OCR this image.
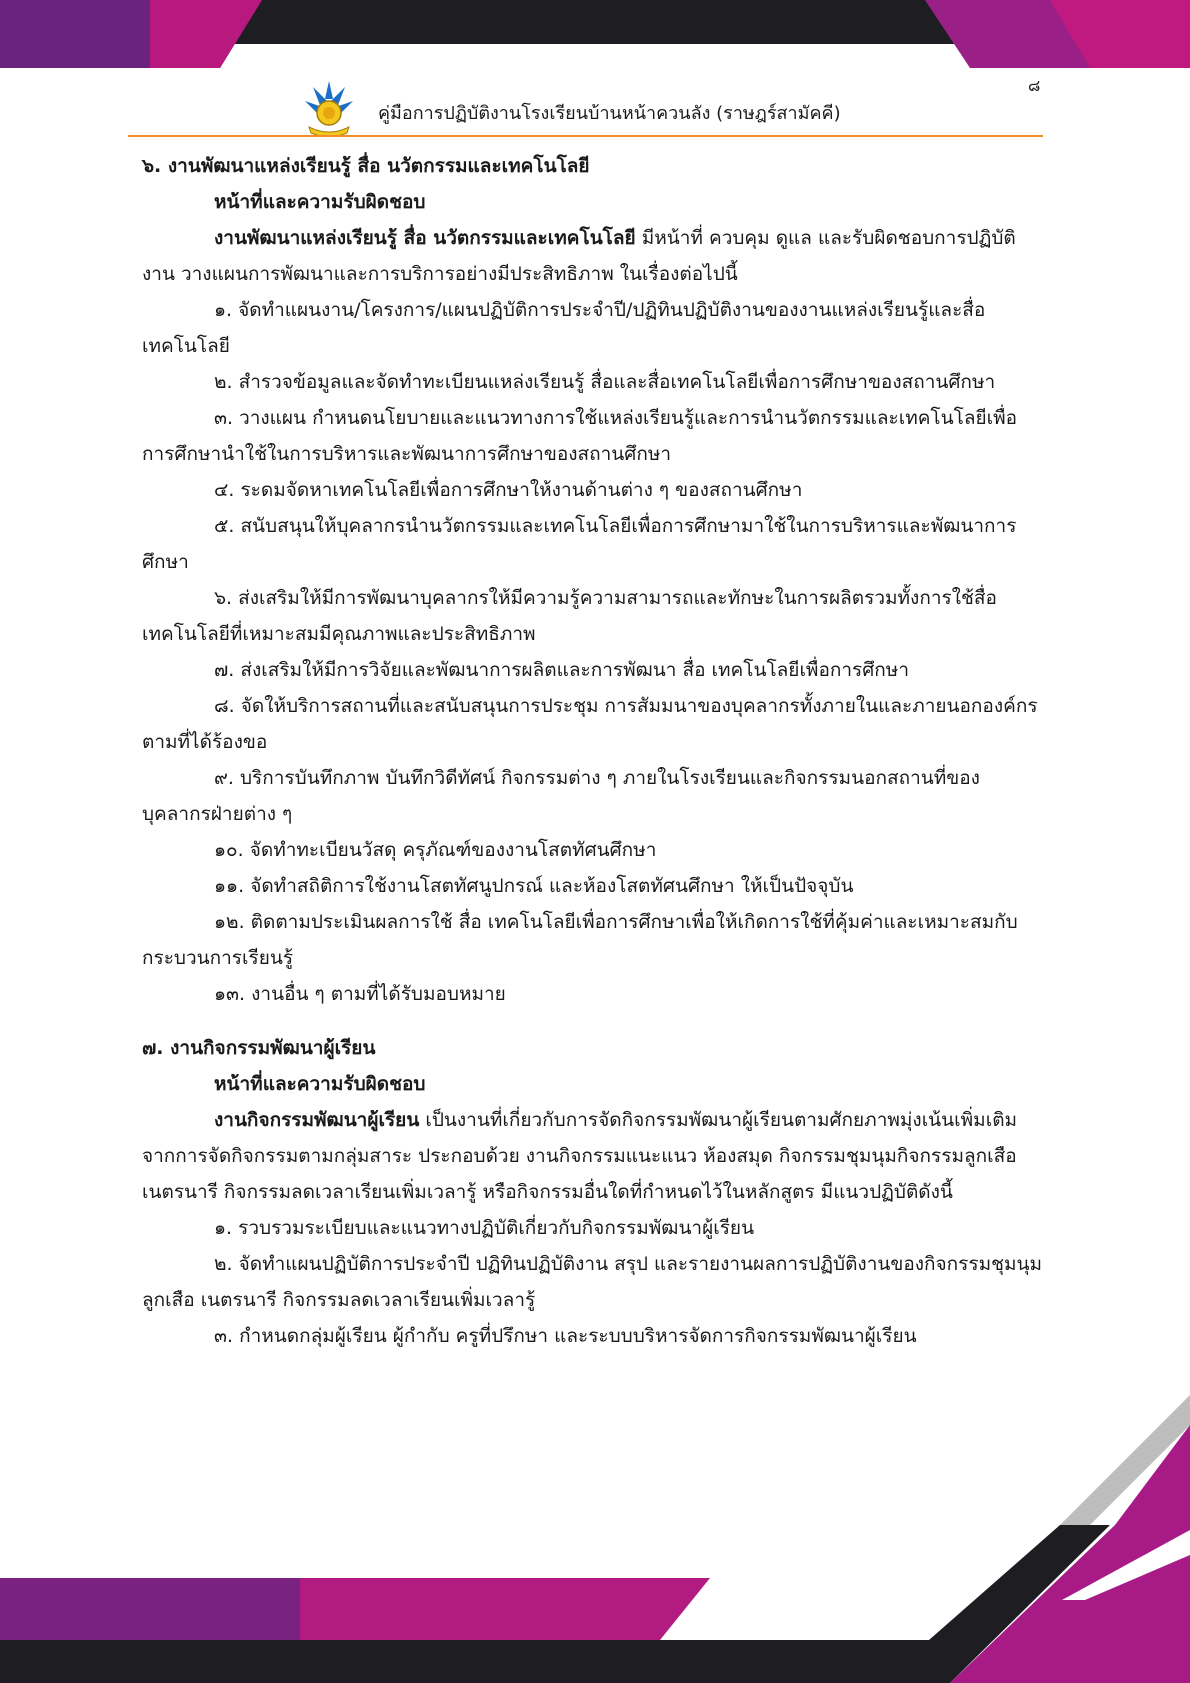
คู่มือการปฏิบัติงานโรงเรียนบ้านหน้าควนลัง (ราษฎร์สามัคคี)
๘

๖. งานพัฒนาแหล่งเรียนรู้ สื่อ นวัตกรรมและเทคโนโลยี

หน้าที่และความรับผิดชอบ

งานพัฒนาแหล่งเรียนรู้ สื่อ นวัตกรรมและเทคโนโลยี มีหน้าที่ ควบคุม ดูแล และรับผิดชอบการปฏิบัติงาน วางแผนการพัฒนาและการบริการอย่างมีประสิทธิภาพ ในเรื่องต่อไปนี้

๑. จัดทำแผนงาน/โครงการ/แผนปฏิบัติการประจำปี/ปฏิทินปฏิบัติงานของงานแหล่งเรียนรู้และสื่อเทคโนโลยี

๒. สำรวจข้อมูลและจัดทำทะเบียนแหล่งเรียนรู้ สื่อและสื่อเทคโนโลยีเพื่อการศึกษาของสถานศึกษา

๓. วางแผน กำหนดนโยบายและแนวทางการใช้แหล่งเรียนรู้และการนำนวัตกรรมและเทคโนโลยีเพื่อการศึกษานำใช้ในการบริหารและพัฒนาการศึกษาของสถานศึกษา

๔. ระดมจัดหาเทคโนโลยีเพื่อการศึกษาให้งานด้านต่าง ๆ ของสถานศึกษา

๕. สนับสนุนให้บุคลากรนำนวัตกรรมและเทคโนโลยีเพื่อการศึกษามาใช้ในการบริหารและพัฒนาการศึกษา

๖. ส่งเสริมให้มีการพัฒนาบุคลากรให้มีความรู้ความสามารถและทักษะในการผลิตรวมทั้งการใช้สื่อเทคโนโลยีที่เหมาะสมมีคุณภาพและประสิทธิภาพ

๗. ส่งเสริมให้มีการวิจัยและพัฒนาการผลิตและการพัฒนา สื่อ เทคโนโลยีเพื่อการศึกษา

๘. จัดให้บริการสถานที่และสนับสนุนการประชุม การสัมมนาของบุคลากรทั้งภายในและภายนอกองค์กรตามที่ได้ร้องขอ

๙. บริการบันทึกภาพ บันทึกวิดีทัศน์ กิจกรรมต่าง ๆ ภายในโรงเรียนและกิจกรรมนอกสถานที่ของบุคลากรฝ่ายต่าง ๆ

๑๐. จัดทำทะเบียนวัสดุ ครุภัณฑ์ของงานโสตทัศนศึกษา

๑๑. จัดทำสถิติการใช้งานโสตทัศนูปกรณ์ และห้องโสตทัศนศึกษา ให้เป็นปัจจุบัน

๑๒. ติดตามประเมินผลการใช้ สื่อ เทคโนโลยีเพื่อการศึกษาเพื่อให้เกิดการใช้ที่คุ้มค่าและเหมาะสมกับกระบวนการเรียนรู้

๑๓. งานอื่น ๆ ตามที่ได้รับมอบหมาย

๗. งานกิจกรรมพัฒนาผู้เรียน

หน้าที่และความรับผิดชอบ

งานกิจกรรมพัฒนาผู้เรียน เป็นงานที่เกี่ยวกับการจัดกิจกรรมพัฒนาผู้เรียนตามศักยภาพมุ่งเน้นเพิ่มเติมจากการจัดกิจกรรมตามกลุ่มสาระ ประกอบด้วย งานกิจกรรมแนะแนว ห้องสมุด กิจกรรมชุมนุมกิจกรรมลูกเสือ เนตรนารี กิจกรรมลดเวลาเรียนเพิ่มเวลารู้ หรือกิจกรรมอื่นใดที่กำหนดไว้ในหลักสูตร มีแนวปฏิบัติดังนี้

๑. รวบรวมระเบียบและแนวทางปฏิบัติเกี่ยวกับกิจกรรมพัฒนาผู้เรียน

๒. จัดทำแผนปฏิบัติการประจำปี ปฏิทินปฏิบัติงาน สรุป และรายงานผลการปฏิบัติงานของกิจกรรมชุมนุม ลูกเสือ เนตรนารี กิจกรรมลดเวลาเรียนเพิ่มเวลารู้

๓. กำหนดกลุ่มผู้เรียน ผู้กำกับ ครูที่ปรึกษา และระบบบริหารจัดการกิจกรรมพัฒนาผู้เรียน
